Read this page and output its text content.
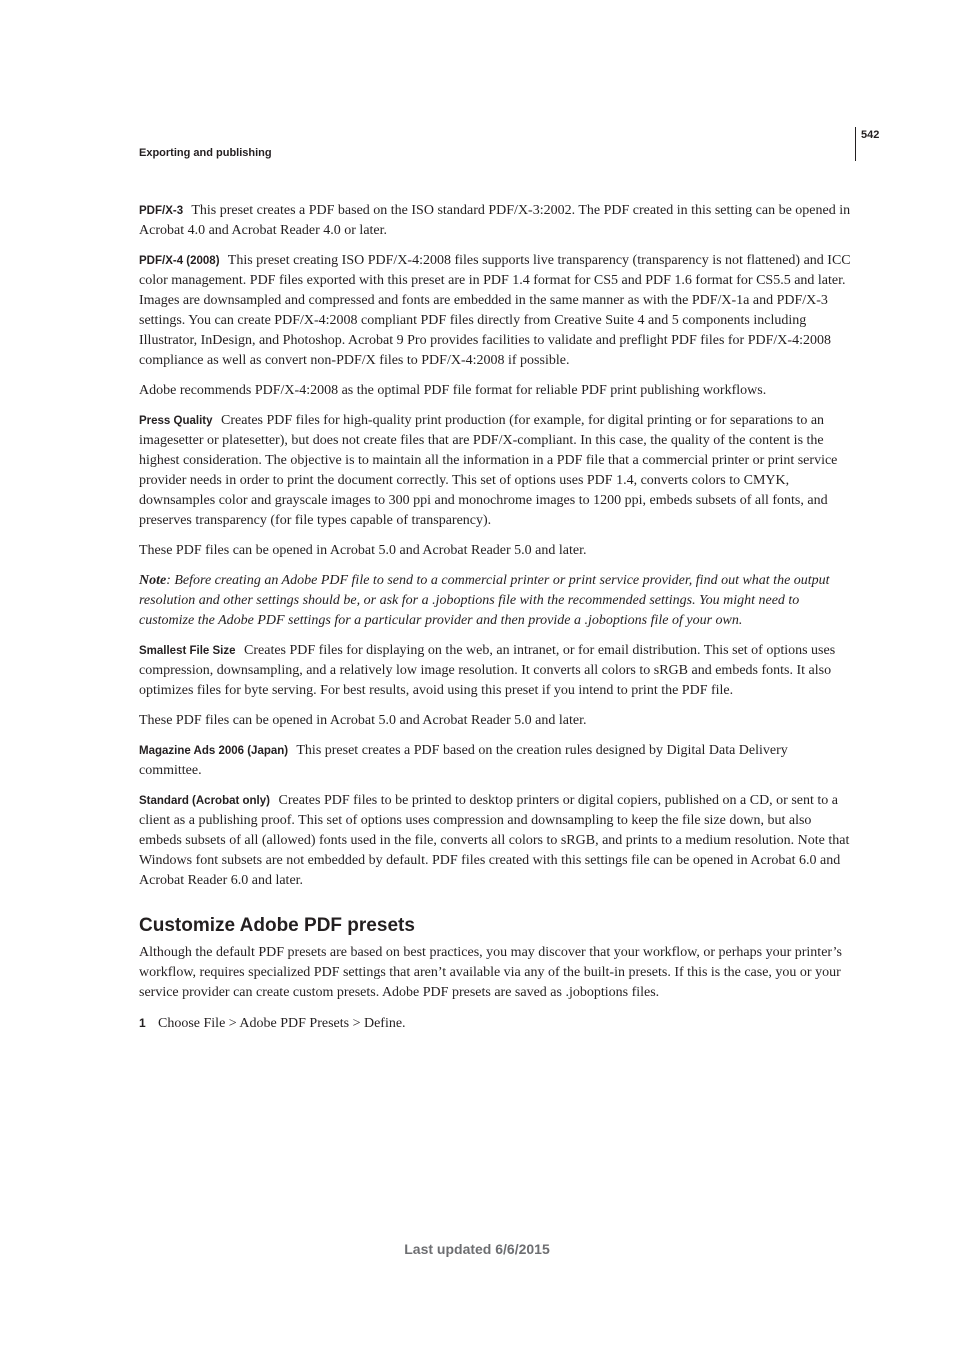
542
Exporting and publishing

PDF/X-3 This preset creates a PDF based on the ISO standard PDF/X-3:2002. The PDF created in this setting can be opened in Acrobat 4.0 and Acrobat Reader 4.0 or later.

PDF/X-4 (2008) This preset creating ISO PDF/X-4:2008 files supports live transparency (transparency is not flattened) and ICC color management. PDF files exported with this preset are in PDF 1.4 format for CS5 and PDF 1.6 format for CS5.5 and later. Images are downsampled and compressed and fonts are embedded in the same manner as with the PDF/X-1a and PDF/X-3 settings. You can create PDF/X-4:2008 compliant PDF files directly from Creative Suite 4 and 5 components including Illustrator, InDesign, and Photoshop. Acrobat 9 Pro provides facilities to validate and preflight PDF files for PDF/X-4:2008 compliance as well as convert non-PDF/X files to PDF/X-4:2008 if possible.

Adobe recommends PDF/X-4:2008 as the optimal PDF file format for reliable PDF print publishing workflows.

Press Quality Creates PDF files for high-quality print production (for example, for digital printing or for separations to an imagesetter or platesetter), but does not create files that are PDF/X-compliant. In this case, the quality of the content is the highest consideration. The objective is to maintain all the information in a PDF file that a commercial printer or print service provider needs in order to print the document correctly. This set of options uses PDF 1.4, converts colors to CMYK, downsamples color and grayscale images to 300 ppi and monochrome images to 1200 ppi, embeds subsets of all fonts, and preserves transparency (for file types capable of transparency).

These PDF files can be opened in Acrobat 5.0 and Acrobat Reader 5.0 and later.

Note: Before creating an Adobe PDF file to send to a commercial printer or print service provider, find out what the output resolution and other settings should be, or ask for a .joboptions file with the recommended settings. You might need to customize the Adobe PDF settings for a particular provider and then provide a .joboptions file of your own.

Smallest File Size Creates PDF files for displaying on the web, an intranet, or for email distribution. This set of options uses compression, downsampling, and a relatively low image resolution. It converts all colors to sRGB and embeds fonts. It also optimizes files for byte serving. For best results, avoid using this preset if you intend to print the PDF file.

These PDF files can be opened in Acrobat 5.0 and Acrobat Reader 5.0 and later.

Magazine Ads 2006 (Japan) This preset creates a PDF based on the creation rules designed by Digital Data Delivery committee.

Standard (Acrobat only) Creates PDF files to be printed to desktop printers or digital copiers, published on a CD, or sent to a client as a publishing proof. This set of options uses compression and downsampling to keep the file size down, but also embeds subsets of all (allowed) fonts used in the file, converts all colors to sRGB, and prints to a medium resolution. Note that Windows font subsets are not embedded by default. PDF files created with this settings file can be opened in Acrobat 6.0 and Acrobat Reader 6.0 and later.

Customize Adobe PDF presets

Although the default PDF presets are based on best practices, you may discover that your workflow, or perhaps your printer’s workflow, requires specialized PDF settings that aren’t available via any of the built-in presets. If this is the case, you or your service provider can create custom presets. Adobe PDF presets are saved as .joboptions files.

1 Choose File > Adobe PDF Presets > Define.

Last updated 6/6/2015
